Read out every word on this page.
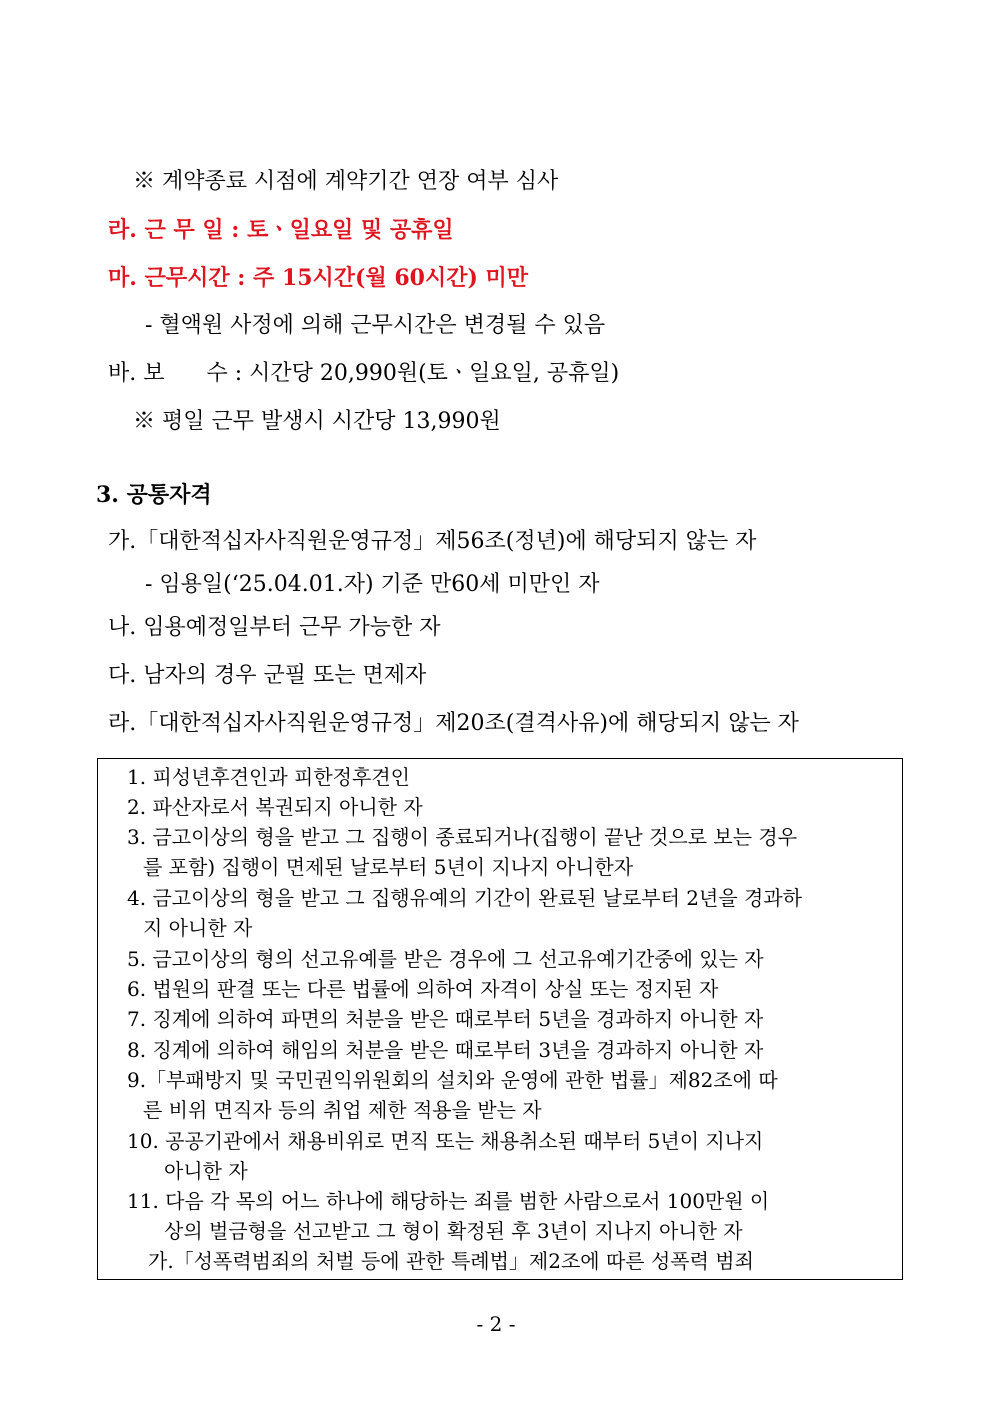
※ 계약종료 시점에 계약기간 연장 여부 심사
라. 근 무 일 : 토ㆍ일요일 및 공휴일
마. 근무시간 : 주 15시간(월 60시간) 미만
- 혈액원 사정에 의해 근무시간은 변경될 수 있음
바. 보      수 : 시간당 20,990원(토ㆍ일요일, 공휴일)
※ 평일 근무 발생시 시간당 13,990원
3. 공통자격
가.「대한적십자사직원운영규정」제56조(정년)에 해당되지 않는 자
- 임용일(‘25.04.01.자) 기준 만60세 미만인 자
나. 임용예정일부터 근무 가능한 자
다. 남자의 경우 군필 또는 면제자
라.「대한적십자사직원운영규정」제20조(결격사유)에 해당되지 않는 자
1. 피성년후견인과 피한정후견인
2. 파산자로서 복권되지 아니한 자
3. 금고이상의 형을 받고 그 집행이 종료되거나(집행이 끝난 것으로 보는 경우
를 포함) 집행이 면제된 날로부터 5년이 지나지 아니한자
4. 금고이상의 형을 받고 그 집행유예의 기간이 완료된 날로부터 2년을 경과하
지 아니한 자
5. 금고이상의 형의 선고유예를 받은 경우에 그 선고유예기간중에 있는 자
6. 법원의 판결 또는 다른 법률에 의하여 자격이 상실 또는 정지된 자
7. 징계에 의하여 파면의 처분을 받은 때로부터 5년을 경과하지 아니한 자
8. 징계에 의하여 해임의 처분을 받은 때로부터 3년을 경과하지 아니한 자
9.「부패방지 및 국민권익위원회의 설치와 운영에 관한 법률」제82조에 따
른 비위 면직자 등의 취업 제한 적용을 받는 자
10. 공공기관에서 채용비위로 면직 또는 채용취소된 때부터 5년이 지나지
아니한 자
11. 다음 각 목의 어느 하나에 해당하는 죄를 범한 사람으로서 100만원 이
상의 벌금형을 선고받고 그 형이 확정된 후 3년이 지나지 아니한 자
가.「성폭력범죄의 처벌 등에 관한 특례법」제2조에 따른 성폭력 범죄
- 2 -
